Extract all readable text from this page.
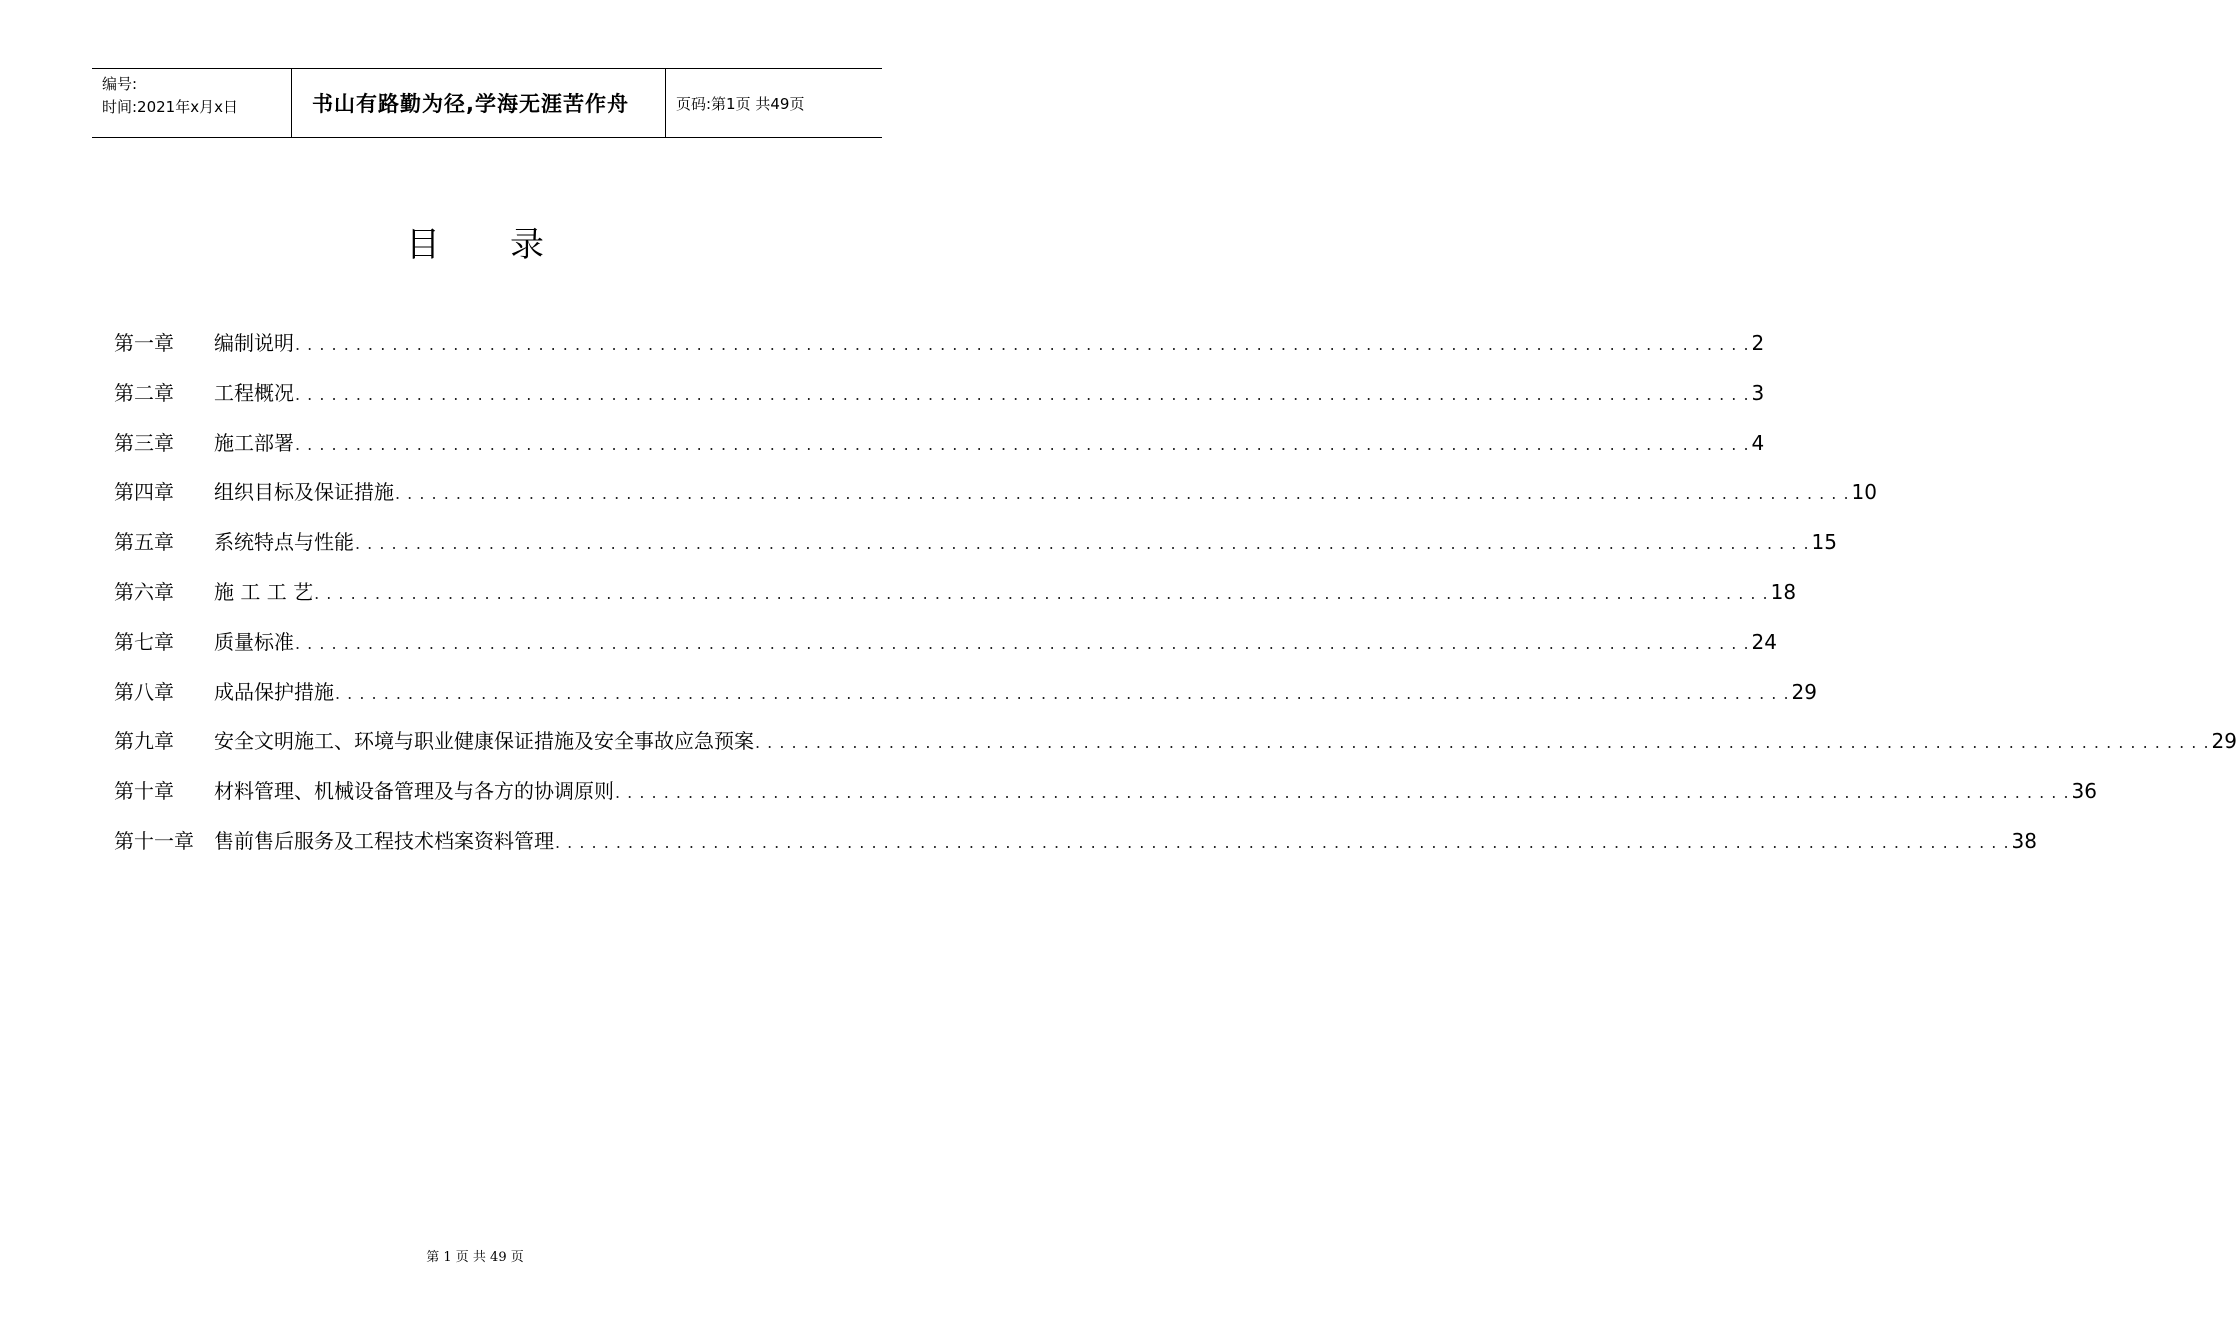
编号:
时间:2021年x月x日	书山有路勤为径,学海无涯苦作舟	页码:第1页 共49页
目录
第一章	编制说明 . . . . . . . . . . . . . . . . . . . . . . . . . . . . . . . . . . . . . . . . . . . . . . . . . . . . . . . . . . . . . . . . . . . . . . . . . . . . . . . . . . . . . . . . . . . . . . . . . . . . . . . . . . . . . . . . . . . . . . . . 2
第二章	工程概况 . . . . . . . . . . . . . . . . . . . . . . . . . . . . . . . . . . . . . . . . . . . . . . . . . . . . . . . . . . . . . . . . . . . . . . . . . . . . . . . . . . . . . . . . . . . . . . . . . . . . . . . . . . . . . . . . . . . . . . . . 3
第三章	施工部署 . . . . . . . . . . . . . . . . . . . . . . . . . . . . . . . . . . . . . . . . . . . . . . . . . . . . . . . . . . . . . . . . . . . . . . . . . . . . . . . . . . . . . . . . . . . . . . . . . . . . . . . . . . . . . . . . . . . . . . . . 4
第四章	组织目标及保证措施 . . . . . . . . . . . . . . . . . . . . . . . . . . . . . . . . . . . . . . . . . . . . . . . . . . . . . . . . . . . . . . . . . . . . . . . . . . . . . . . . . . . . . . . . . . . . . . . . . . . . . . . . . . . . . . . . . . . . . . . . 10
第五章	系统特点与性能 . . . . . . . . . . . . . . . . . . . . . . . . . . . . . . . . . . . . . . . . . . . . . . . . . . . . . . . . . . . . . . . . . . . . . . . . . . . . . . . . . . . . . . . . . . . . . . . . . . . . . . . . . . . . . . . . . . . . . . . . 15
第六章	施 工 工 艺 . . . . . . . . . . . . . . . . . . . . . . . . . . . . . . . . . . . . . . . . . . . . . . . . . . . . . . . . . . . . . . . . . . . . . . . . . . . . . . . . . . . . . . . . . . . . . . . . . . . . . . . . . . . . . . . . . . . . . . . . 18
第七章	质量标准 . . . . . . . . . . . . . . . . . . . . . . . . . . . . . . . . . . . . . . . . . . . . . . . . . . . . . . . . . . . . . . . . . . . . . . . . . . . . . . . . . . . . . . . . . . . . . . . . . . . . . . . . . . . . . . . . . . . . . . . . 24
第八章	成品保护措施 . . . . . . . . . . . . . . . . . . . . . . . . . . . . . . . . . . . . . . . . . . . . . . . . . . . . . . . . . . . . . . . . . . . . . . . . . . . . . . . . . . . . . . . . . . . . . . . . . . . . . . . . . . . . . . . . . . . . . . . . 29
第九章	安全文明施工、环境与职业健康保证措施及安全事故应急预案 . . . . . . . . . . . . . . . . . . . . . . . . . . . . . . . . . . . . . . . . . . . . . . . . . . . . . . . . . . . . . . . . . . . . . . . . . . . . . . . . . . . . . . . . . . . . . . . . . . . . . . . . . . . . . . . . . . . . . . . . 29
第十章	材料管理、机械设备管理及与各方的协调原则 . . . . . . . . . . . . . . . . . . . . . . . . . . . . . . . . . . . . . . . . . . . . . . . . . . . . . . . . . . . . . . . . . . . . . . . . . . . . . . . . . . . . . . . . . . . . . . . . . . . . . . . . . . . . . . . . . . . . . . . . 36
第十一章	售前售后服务及工程技术档案资料管理 . . . . . . . . . . . . . . . . . . . . . . . . . . . . . . . . . . . . . . . . . . . . . . . . . . . . . . . . . . . . . . . . . . . . . . . . . . . . . . . . . . . . . . . . . . . . . . . . . . . . . . . . . . . . . . . . . . . . . . . . 38
第 1 页 共 49 页
